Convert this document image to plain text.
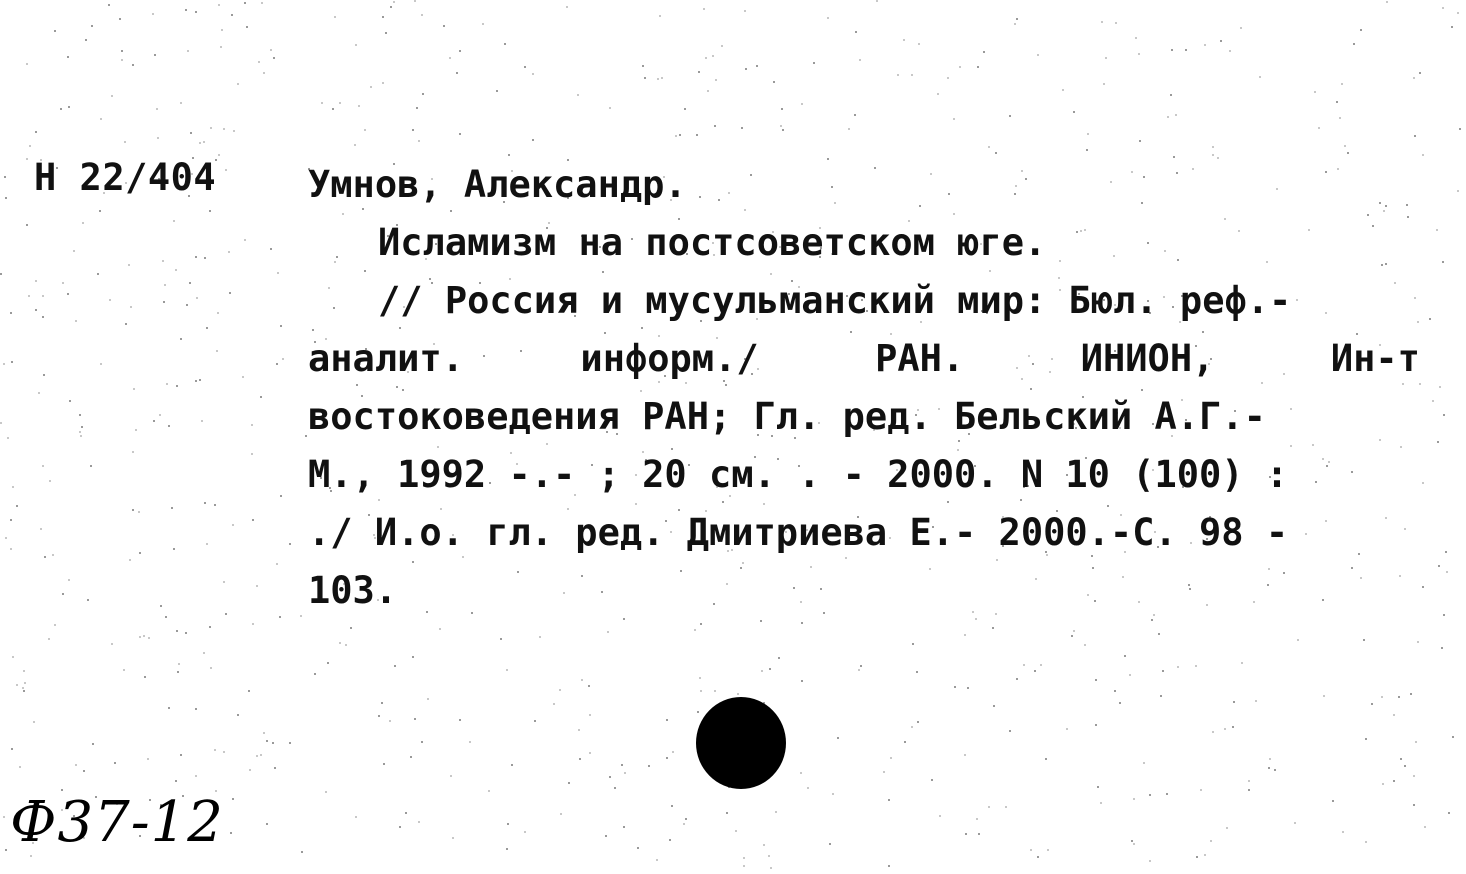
Н 22/404 Умнов, Александр.
Исламизм на постсоветском юге.
// Россия и мусульманский мир: Бюл. реф.-
аналит.	информ./	РАН.	ИНИОН,	Ин-т
востоковедения РАН; Гл. ред. Бельский А.Г.-
М., 1992 -.- ; 20 см. . - 2000. N 10 (100) :
./ И.о. гл. ред. Дмитриева Е.- 2000.-С. 98 -
103.
Ф37-12
